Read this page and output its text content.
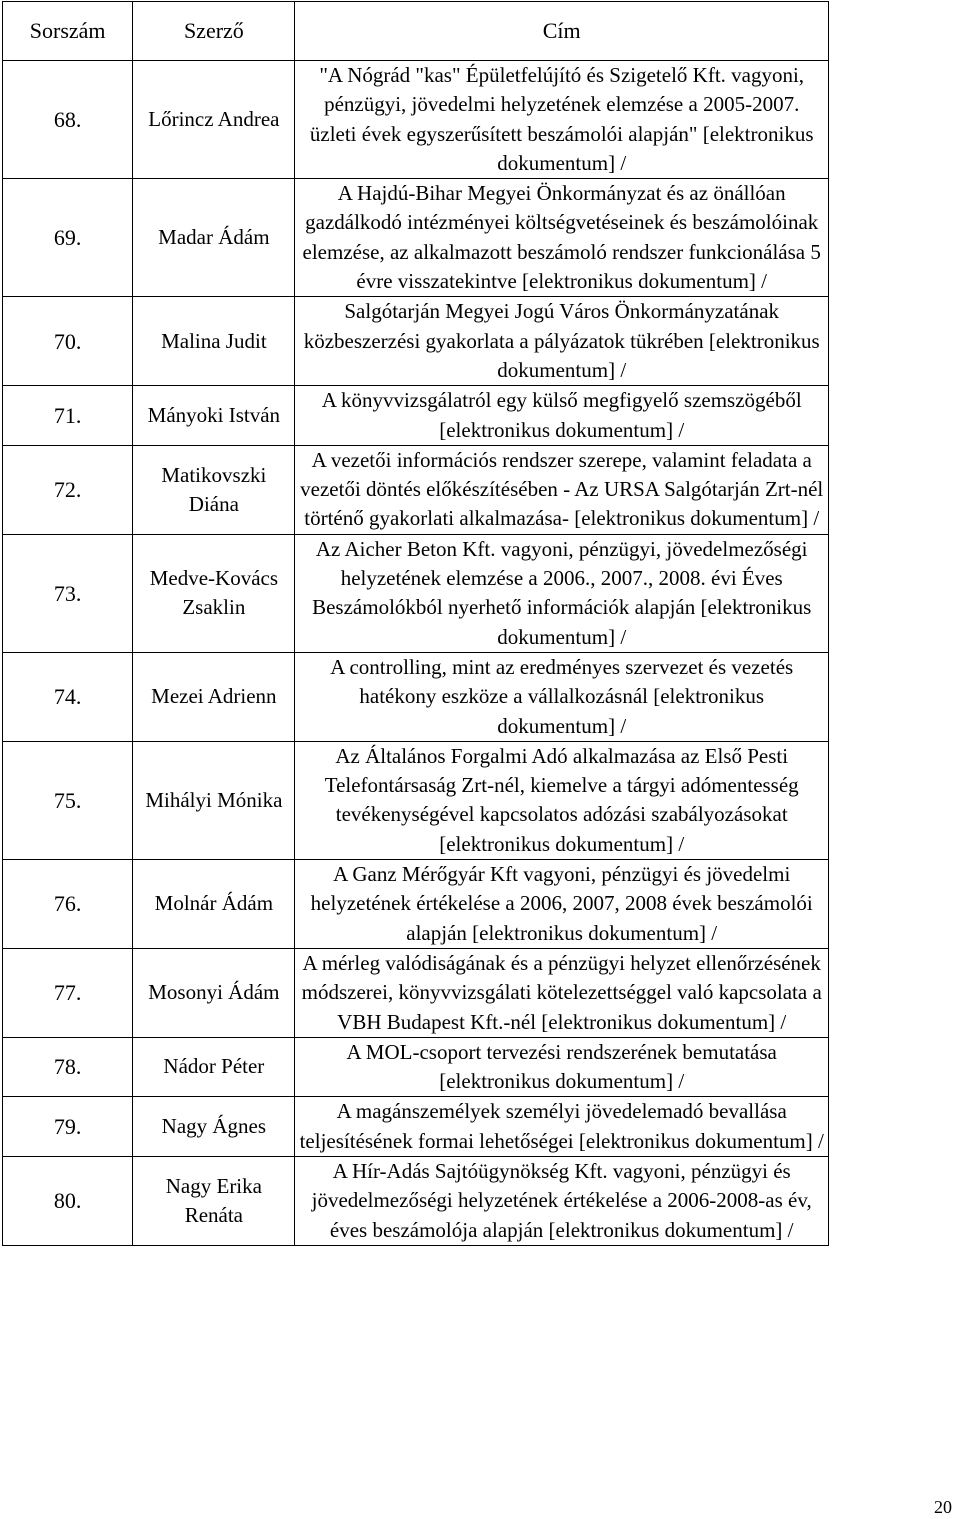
Sorszám	Szerző	Cím
68.	Lőrincz Andrea	"A Nógrád "kas" Épületfelújító és Szigetelő Kft. vagyoni, pénzügyi, jövedelmi helyzetének elemzése a 2005-2007. üzleti évek egyszerűsített beszámolói alapján" [elektronikus dokumentum] /
69.	Madar Ádám	A Hajdú-Bihar Megyei Önkormányzat és az önállóan gazdálkodó intézményei költségvetéseinek és beszámolóinak elemzése, az alkalmazott beszámoló rendszer funkcionálása 5 évre visszatekintve [elektronikus dokumentum] /
70.	Malina Judit	Salgótarján Megyei Jogú Város Önkormányzatának közbeszerzési gyakorlata a pályázatok tükrében [elektronikus dokumentum] /
71.	Mányoki István	A könyvvizsgálatról egy külső megfigyelő szemszögéből [elektronikus dokumentum] /
72.	Matikovszki Diána	A vezetői információs rendszer szerepe, valamint feladata a vezetői döntés előkészítésében - Az URSA Salgótarján Zrt-nél történő gyakorlati alkalmazása- [elektronikus dokumentum] /
73.	Medve-Kovács Zsaklin	Az Aicher Beton Kft. vagyoni, pénzügyi, jövedelmezőségi helyzetének elemzése a 2006., 2007., 2008. évi Éves Beszámolókból nyerhető információk alapján [elektronikus dokumentum] /
74.	Mezei Adrienn	A controlling, mint az eredményes szervezet és vezetés hatékony eszköze a vállalkozásnál [elektronikus dokumentum] /
75.	Mihályi Mónika	Az Általános Forgalmi Adó alkalmazása az Első Pesti Telefontársaság Zrt-nél, kiemelve a tárgyi adómentesség tevékenységével kapcsolatos adózási szabályozásokat [elektronikus dokumentum] /
76.	Molnár Ádám	A Ganz Mérőgyár Kft vagyoni, pénzügyi és jövedelmi helyzetének értékelése a 2006, 2007, 2008 évek beszámolói alapján [elektronikus dokumentum] /
77.	Mosonyi Ádám	A mérleg valódiságának és a pénzügyi helyzet ellenőrzésének módszerei, könyvvizsgálati kötelezettséggel való kapcsolata a VBH Budapest Kft.-nél [elektronikus dokumentum] /
78.	Nádor Péter	A MOL-csoport tervezési rendszerének bemutatása [elektronikus dokumentum] /
79.	Nagy Ágnes	A magánszemélyek személyi jövedelemadó bevallása teljesítésének formai lehetőségei [elektronikus dokumentum] /
80.	Nagy Erika Renáta	A Hír-Adás Sajtóügynökség Kft. vagyoni, pénzügyi és jövedelmezőségi helyzetének értékelése a 2006-2008-as év, éves beszámolója alapján [elektronikus dokumentum] /
20
